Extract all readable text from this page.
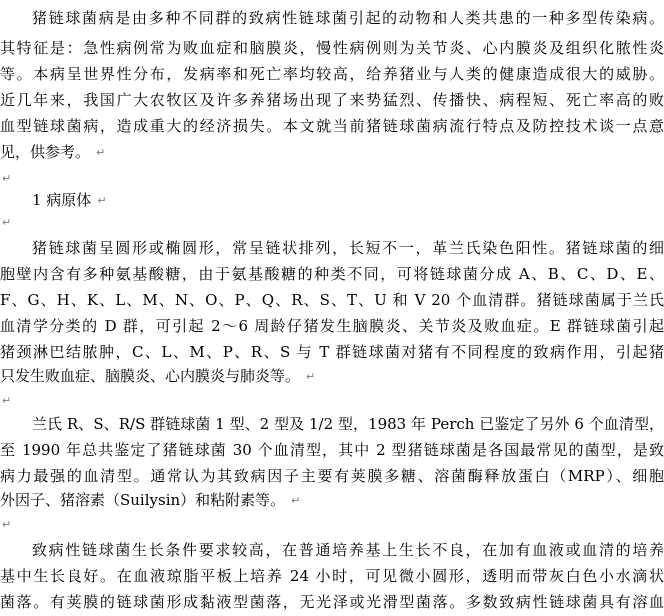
猪链球菌病是由多种不同群的致病性链球菌引起的动物和人类共患的一种多型传染病。
其特征是：急性病例常为败血症和脑膜炎，慢性病例则为关节炎、心内膜炎及组织化脓性炎
等。本病呈世界性分布，发病率和死亡率均较高，给养猪业与人类的健康造成很大的威胁。
近几年来，我国广大农牧区及许多养猪场出现了来势猛烈、传播快、病程短、死亡率高的败
血型链球菌病，造成重大的经济损失。本文就当前猪链球菌病流行特点及防控技术谈一点意
见，供参考。 ↵
↵
1 病原体 ↵
↵
猪链球菌呈圆形或椭圆形，常呈链状排列，长短不一，革兰氏染色阳性。猪链球菌的细
胞壁内含有多种氨基酸糖，由于氨基酸糖的种类不同，可将链球菌分成 A、B、C、D、E、
F、G、H、K、L、M、N、O、P、Q、R、S、T、U 和 V 20 个血清群。猪链球菌属于兰氏
血清学分类的 D 群，可引起 2～6 周龄仔猪发生脑膜炎、关节炎及败血症。E 群链球菌引起
猪颈淋巴结脓肿，C、L、M、P、R、S 与 T 群链球菌对猪有不同程度的致病作用，引起猪
只发生败血症、脑膜炎、心内膜炎与肺炎等。 ↵
↵
兰氏 R、S、R/S 群链球菌 1 型、2 型及 1/2 型，1983 年 Perch 已鉴定了另外 6 个血清型，
至 1990 年总共鉴定了猪链球菌 30 个血清型，其中 2 型猪链球菌是各国最常见的菌型，是致
病力最强的血清型。通常认为其致病因子主要有荚膜多糖、溶菌酶释放蛋白（MRP）、细胞
外因子、猪溶素（Suilysin）和粘附素等。 ↵
↵
致病性链球菌生长条件要求较高，在普通培养基上生长不良，在加有血液或血清的培养
基中生长良好。在血液琼脂平板上培养 24 小时，可见微小圆形，透明而带灰白色小水滴状
菌落。有荚膜的链球菌形成黏液型菌落，无光泽或光滑型菌落。多数致病性链球菌具有溶血
